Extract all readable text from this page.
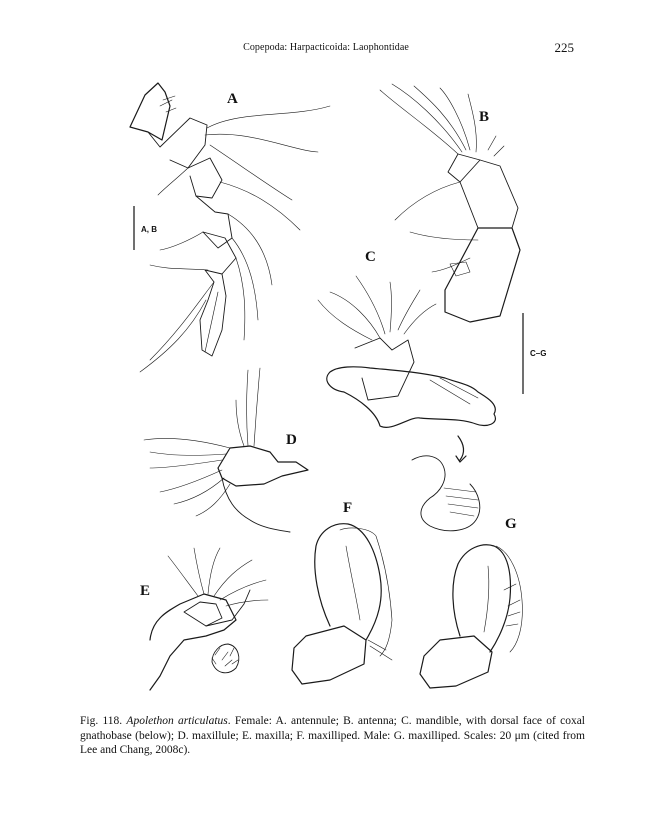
Copepoda: Harpacticoida: Laophontidae	225
A
B
C
D
E
F
G
A, B
C–G
Fig. 118. Apolethon articulatus. Female: A. antennule; B. antenna; C. mandible, with dorsal face of coxal gnathobase (below); D. maxillule; E. maxilla; F. maxilliped. Male: G. maxilliped. Scales: 20 μm (cited from Lee and Chang, 2008c).
